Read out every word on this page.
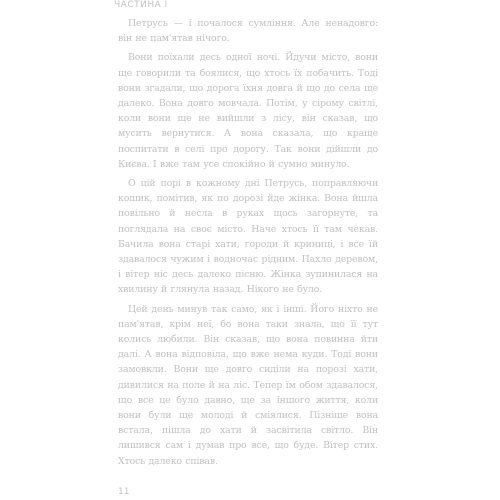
ЧАСТИНА І

Петрусь — і почалося сумління. Але ненадовго: він не пам'ятав нічого.

Вони поїхали десь одної ночі. Йдучи місто, вони ще говорили та боялися, що хтось їх побачить. Тоді вони згадали, що дорога їхня довга й що до села ще далеко. Вона довго мовчала. Потім, у сірому світлі, коли вони ще не вийшли з лісу, він сказав, що мусить вернутися. А вона сказала, що краще поспитати в селі про дорогу. Так вони дійшли до Києва. І вже там усе спокійно й сумно минуло.

О цій порі в кожному дні Петрусь, поправляючи кошик, помітив, як по дорозі йде жінка. Вона йшла повільно й несла в руках щось загорнуте, та поглядала на своє місто. Наче хтось її там чекав. Бачила вона старі хати, городи й криниці, і все їй здавалося чужим і водночас рідним. Пахло деревом, і вітер ніс десь далеко пісню. Жінка зупинилася на хвилину й глянула назад. Нікого не було.

Цей день минув так само, як і інші. Його ніхто не пам'ятав, крім неї, бо вона таки знала, що її тут колись любили. Він сказав, що вона повинна йти далі. А вона відповіла, що вже нема куди. Тоді вони замовкли. Вони ще довго сиділи на порозі хати, дивилися на поле й на ліс. Тепер їм обом здавалося, що все це було давно, ще за іншого життя, коли вони були ще молоді й сміялися. Пізніше вона встала, пішла до хати й засвітила світло. Він лишився сам і думав про все, що буде. Вітер стих. Хтось далеко співав.

11
